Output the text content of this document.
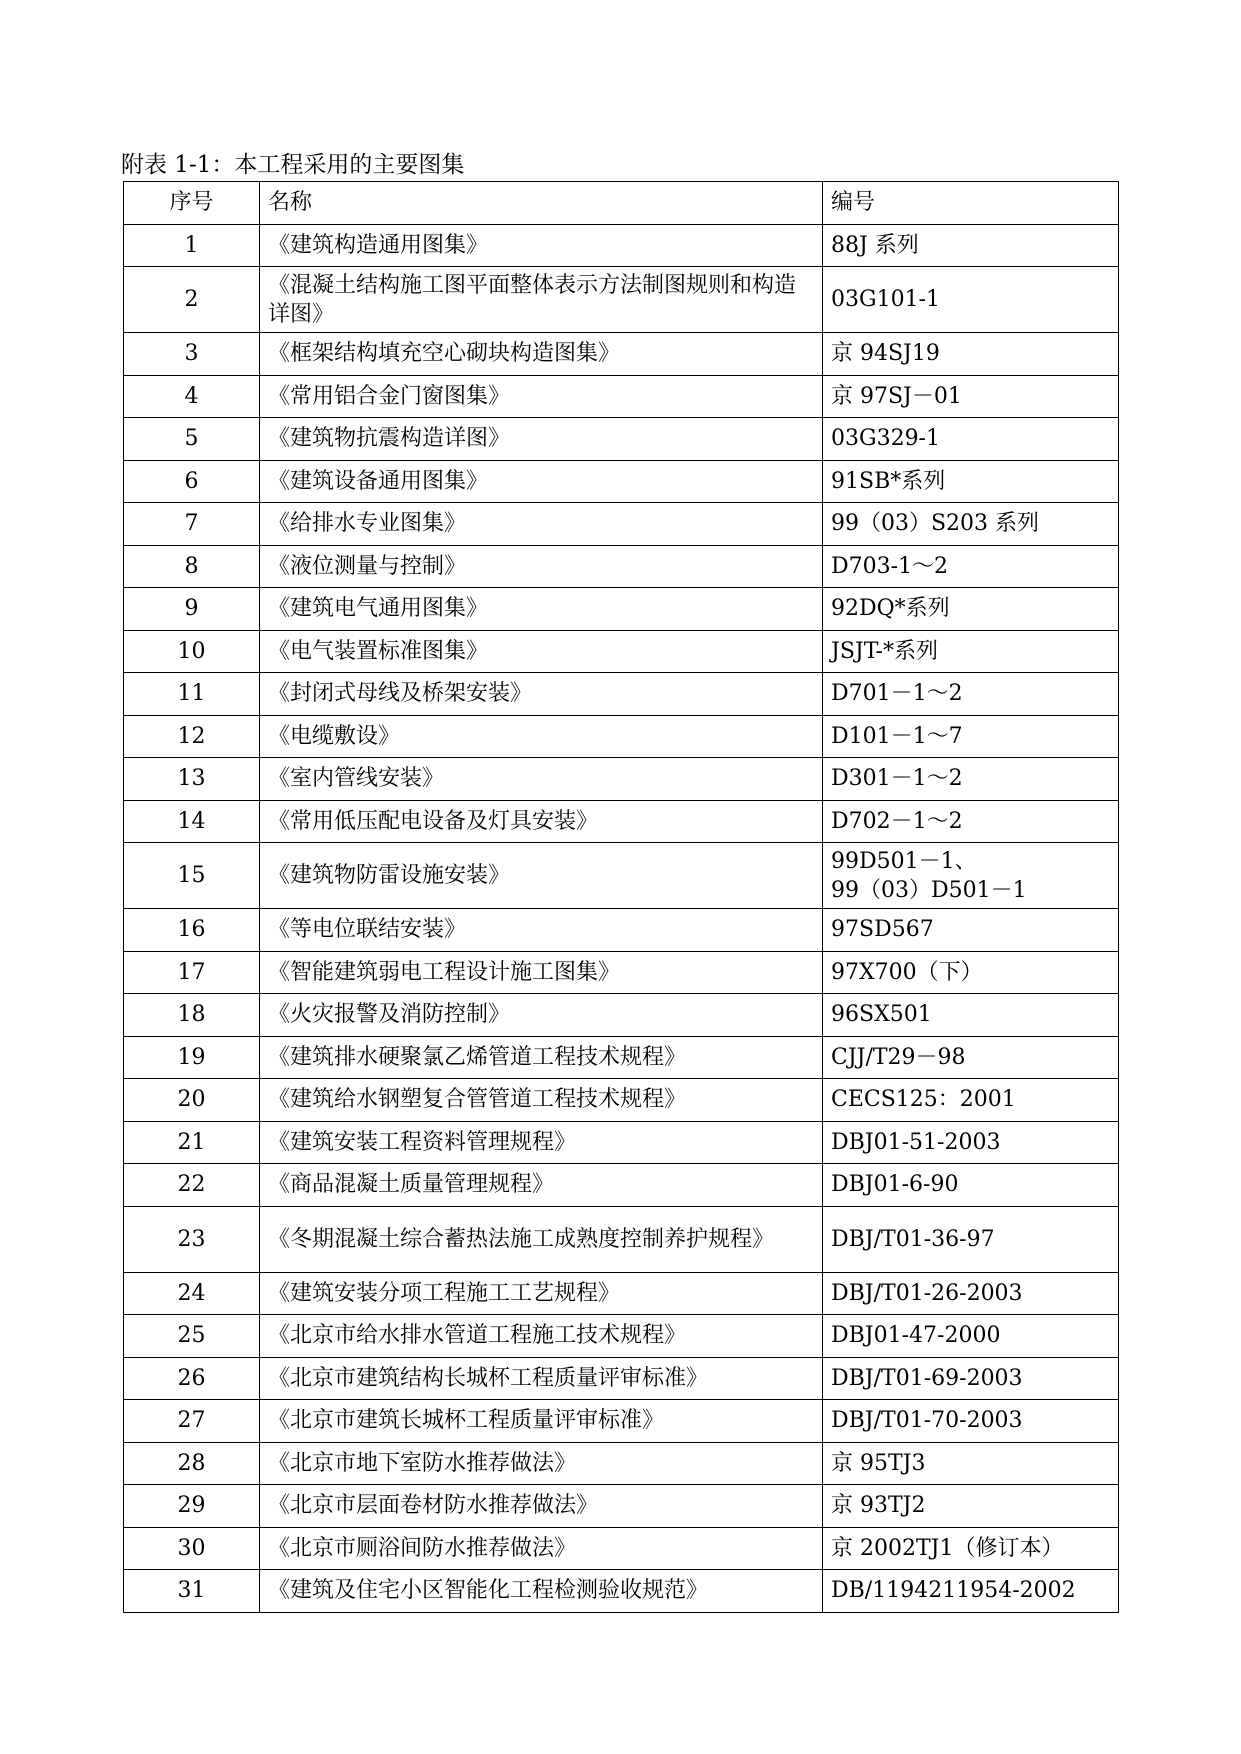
附表 1-1：本工程采用的主要图集
序号	名称	编号
1	《建筑构造通用图集》	88J 系列

2	《混凝土结构施工图平面整体表示方法制图规则和构造详图》	03G101-1

3	《框架结构填充空心砌块构造图集》	京 94SJ19

4	《常用铝合金门窗图集》	京 97SJ－01

5	《建筑物抗震构造详图》	03G329-1

6	《建筑设备通用图集》	91SB*系列

7	《给排水专业图集》	99（03）S203 系列

8	《液位测量与控制》	D703-1～2

9	《建筑电气通用图集》	92DQ*系列

10	《电气装置标准图集》	JSJT-*系列

11	《封闭式母线及桥架安装》	D701－1～2

12	《电缆敷设》	D101－1～7

13	《室内管线安装》	D301－1～2

14	《常用低压配电设备及灯具安装》	D702－1～2

15	《建筑物防雷设施安装》	99D501－1、
99（03）D501－1

16	《等电位联结安装》	97SD567

17	《智能建筑弱电工程设计施工图集》	97X700（下）

18	《火灾报警及消防控制》	96SX501

19	《建筑排水硬聚氯乙烯管道工程技术规程》	CJJ/T29－98

20	《建筑给水钢塑复合管管道工程技术规程》	CECS125：2001

21	《建筑安装工程资料管理规程》	DBJ01-51-2003

22	《商品混凝土质量管理规程》	DBJ01-6-90

23	《冬期混凝土综合蓄热法施工成熟度控制养护规程》	DBJ/T01-36-97

24	《建筑安装分项工程施工工艺规程》	DBJ/T01-26-2003

25	《北京市给水排水管道工程施工技术规程》	DBJ01-47-2000

26	《北京市建筑结构长城杯工程质量评审标准》	DBJ/T01-69-2003

27	《北京市建筑长城杯工程质量评审标准》	DBJ/T01-70-2003

28	《北京市地下室防水推荐做法》	京 95TJ3

29	《北京市层面卷材防水推荐做法》	京 93TJ2

30	《北京市厕浴间防水推荐做法》	京 2002TJ1（修订本）

31	《建筑及住宅小区智能化工程检测验收规范》	DB/1194211954-2002
